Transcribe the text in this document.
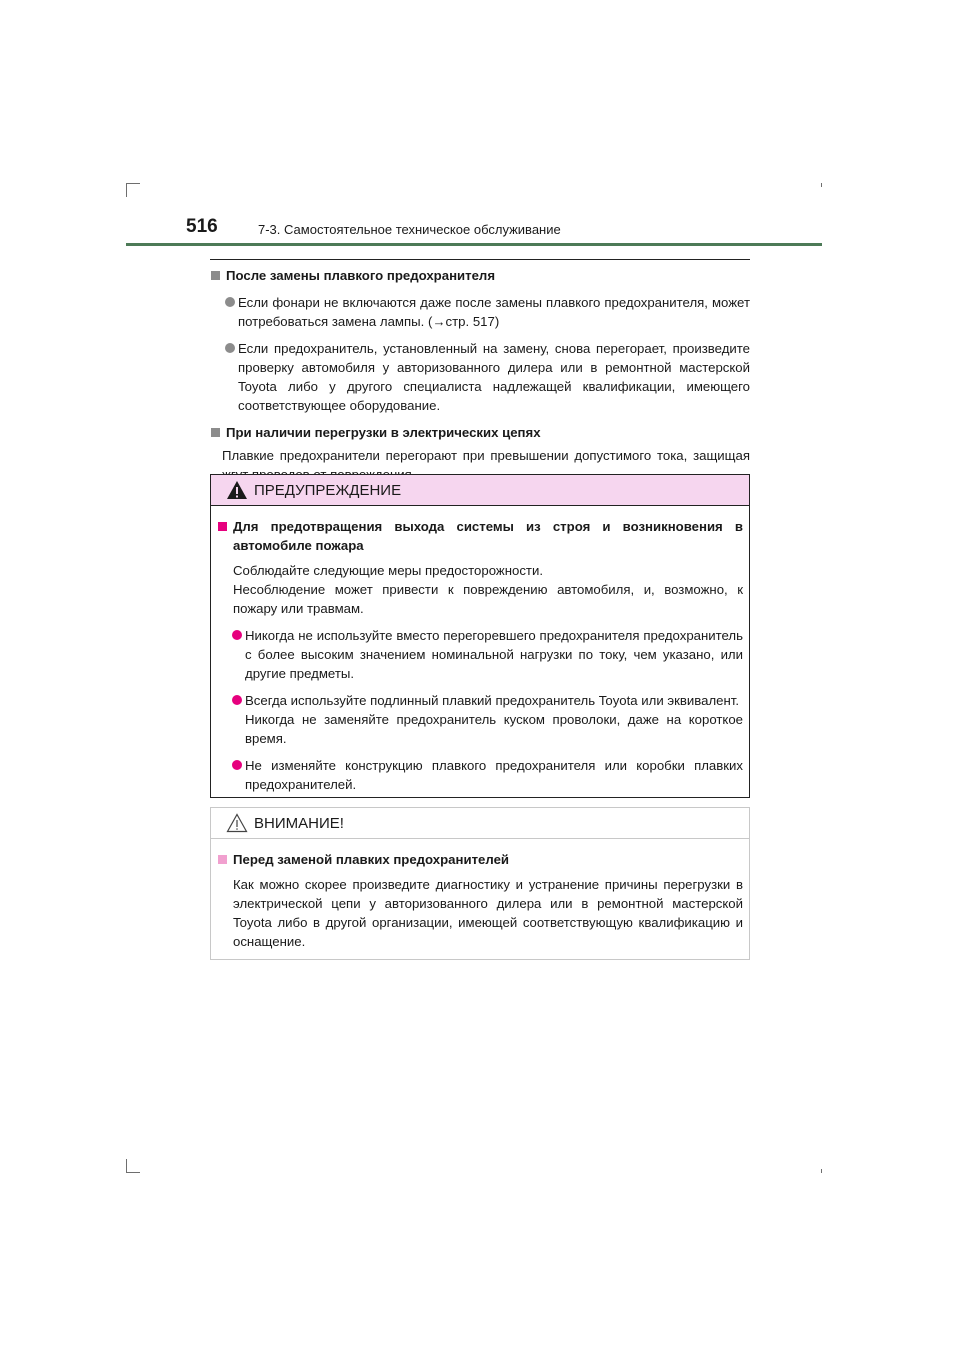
516	7-3. Самостоятельное техническое обслуживание
После замены плавкого предохранителя
Если фонари не включаются даже после замены плавкого предохранителя, может потребоваться замена лампы. (→стр. 517)
Если предохранитель, установленный на замену, снова перегорает, произведите проверку автомобиля у авторизованного дилера или в ремонтной мастерской Toyota либо у другого специалиста надлежащей квалификации, имеющего соответствующее оборудование.
При наличии перегрузки в электрических цепях
Плавкие предохранители перегорают при превышении допустимого тока, защищая
ПРЕДУПРЕЖДЕНИЕ
Для предотвращения выхода системы из строя и возникновения в автомобиле пожара
Соблюдайте следующие меры предосторожности.
Несоблюдение может привести к повреждению автомобиля, и, возможно, к пожару или травмам.
Никогда не используйте вместо перегоревшего предохранителя предохранитель с более высоким значением номинальной нагрузки по току, чем указано, или другие предметы.
Всегда используйте подлинный плавкий предохранитель Toyota или эквивалент.
Никогда не заменяйте предохранитель куском проволоки, даже на короткое время.
Не изменяйте конструкцию плавкого предохранителя или коробки плавких предохранителей.
ВНИМАНИЕ!
Перед заменой плавких предохранителей
Как можно скорее произведите диагностику и устранение причины перегрузки в электрической цепи у авторизованного дилера или в ремонтной мастерской Toyota либо в другой организации, имеющей соответствующую квалификацию и оснащение.
